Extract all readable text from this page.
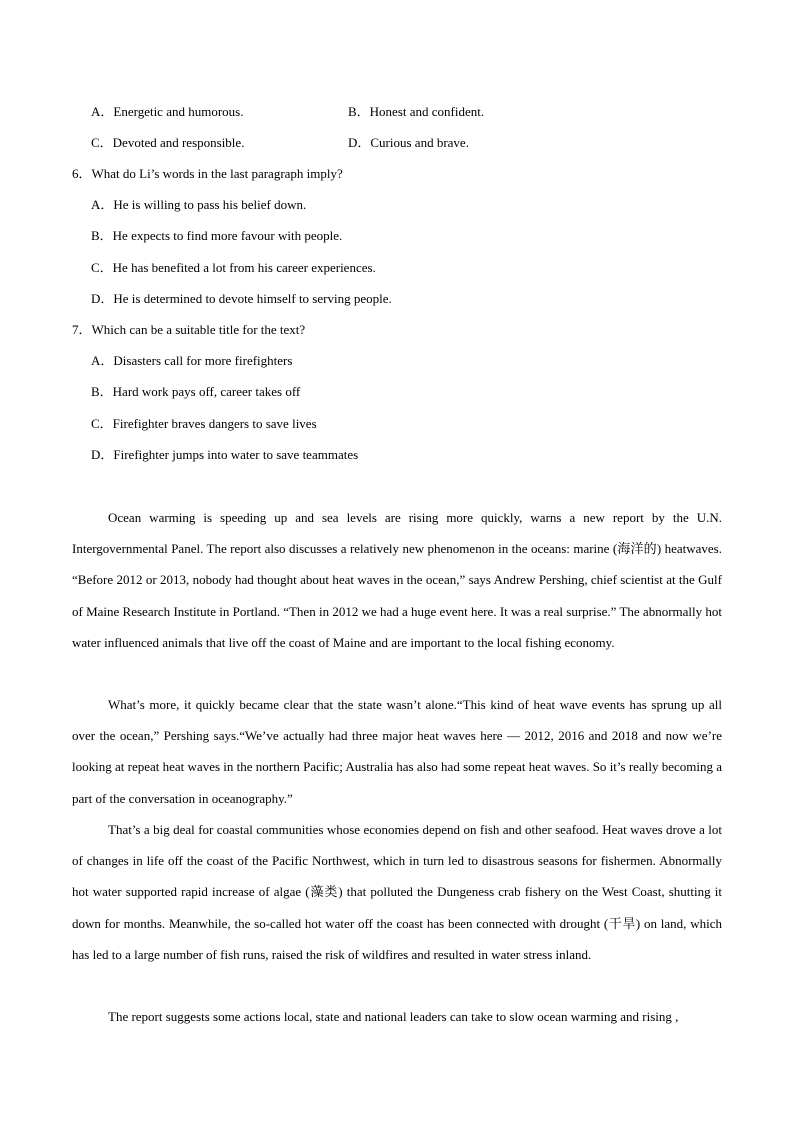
A．Energetic and humorous.	B．Honest and confident.
C．Devoted and responsible.	D．Curious and brave.
6．What do Li’s words in the last paragraph imply?
A．He is willing to pass his belief down.
B．He expects to find more favour with people.
C．He has benefited a lot from his career experiences.
D．He is determined to devote himself to serving people.
7．Which can be a suitable title for the text?
A．Disasters call for more firefighters
B．Hard work pays off, career takes off
C．Firefighter braves dangers to save lives
D．Firefighter jumps into water to save teammates
Ocean warming is speeding up and sea levels are rising more quickly, warns a new report by the U.N. Intergovernmental Panel. The report also discusses a relatively new phenomenon in the oceans: marine (海洋的) heatwaves. “Before 2012 or 2013, nobody had thought about heat waves in the ocean,” says Andrew Pershing, chief scientist at the Gulf of Maine Research Institute in Portland. “Then in 2012 we had a huge event here. It was a real surprise.” The abnormally hot water influenced animals that live off the coast of Maine and are important to the local fishing economy.
What’s more, it quickly became clear that the state wasn’t alone.“This kind of heat wave events has sprung up all over the ocean,” Pershing says.“We’ve actually had three major heat waves here — 2012, 2016 and 2018 and now we’re looking at repeat heat waves in the northern Pacific; Australia has also had some repeat heat waves. So it’s really becoming a part of the conversation in oceanography.”
That’s a big deal for coastal communities whose economies depend on fish and other seafood. Heat waves drove a lot of changes in life off the coast of the Pacific Northwest, which in turn led to disastrous seasons for fishermen. Abnormally hot water supported rapid increase of algae (藻类) that polluted the Dungeness crab fishery on the West Coast, shutting it down for months. Meanwhile, the so-called hot water off the coast has been connected with drought (干旱) on land, which has led to a large number of fish runs, raised the risk of wildfires and resulted in water stress inland.
The report suggests some actions local, state and national leaders can take to slow ocean warming and rising ,
